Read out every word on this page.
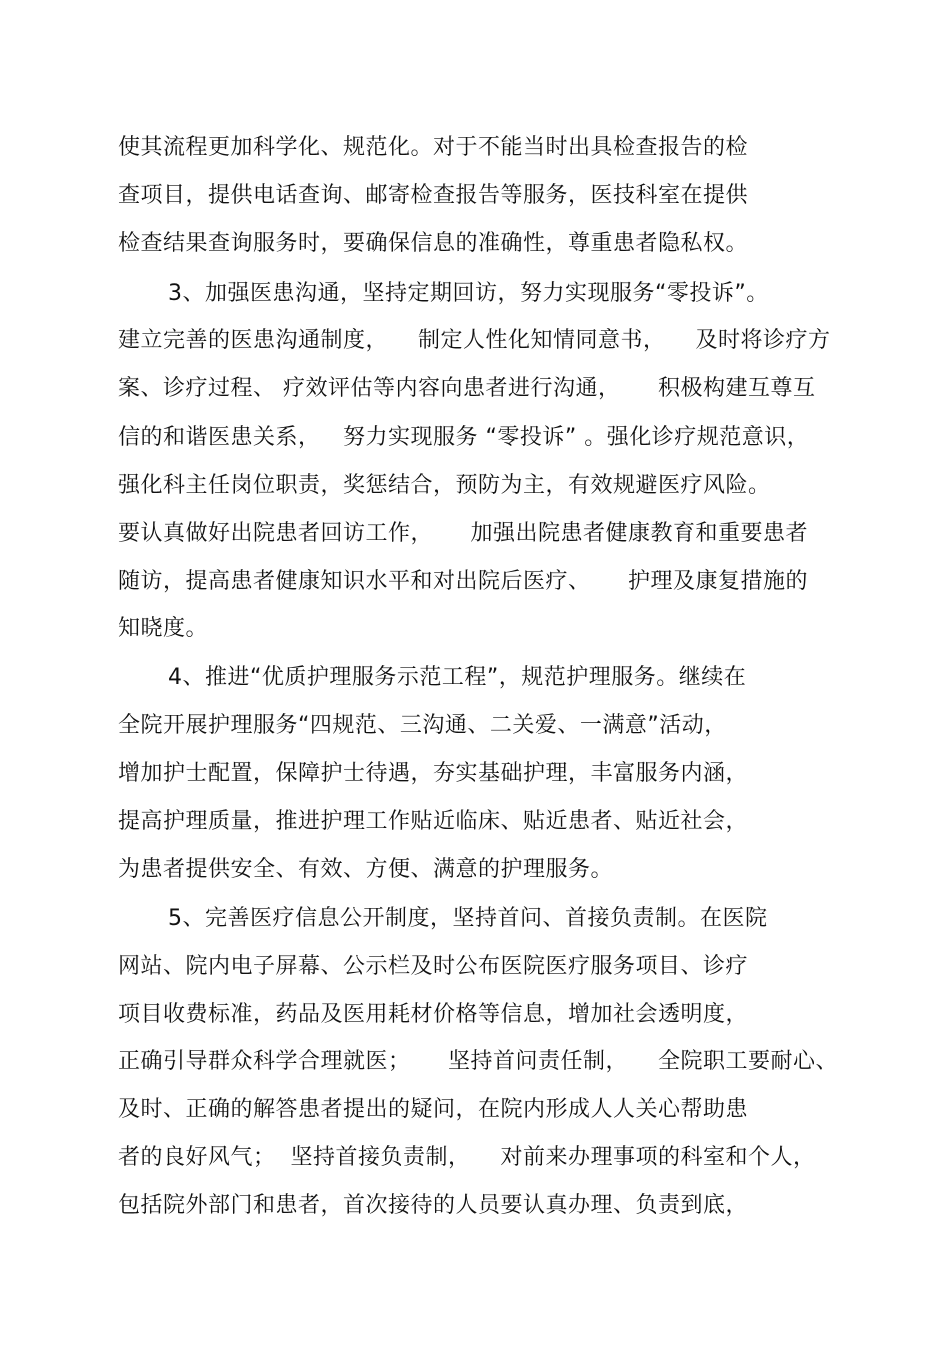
使其流程更加科学化、规范化。对于不能当时出具检查报告的检
查项目，提供电话查询、邮寄检查报告等服务，医技科室在提供
检查结果查询服务时，要确保信息的准确性，尊重患者隐私权。
3、加强医患沟通，坚持定期回访，努力实现服务“零投诉”。
建立完善的医患沟通制度，    制定人性化知情同意书，    及时将诊疗方
案、诊疗过程、 疗效评估等内容向患者进行沟通，     积极构建互尊互
信的和谐医患关系，   努力实现服务 “零投诉” 。强化诊疗规范意识，
强化科主任岗位职责，奖惩结合，预防为主，有效规避医疗风险。
要认真做好出院患者回访工作，     加强出院患者健康教育和重要患者
随访，提高患者健康知识水平和对出院后医疗、     护理及康复措施的
知晓度。
4、推进“优质护理服务示范工程”，规范护理服务。继续在
全院开展护理服务“四规范、三沟通、二关爱、一满意”活动，
增加护士配置，保障护士待遇，夯实基础护理，丰富服务内涵，
提高护理质量，推进护理工作贴近临床、贴近患者、贴近社会，
为患者提供安全、有效、方便、满意的护理服务。
5、完善医疗信息公开制度，坚持首问、首接负责制。在医院
网站、院内电子屏幕、公示栏及时公布医院医疗服务项目、诊疗
项目收费标准，药品及医用耗材价格等信息，增加社会透明度，
正确引导群众科学合理就医；     坚持首问责任制，    全院职工要耐心、
及时、正确的解答患者提出的疑问，在院内形成人人关心帮助患
者的良好风气；  坚持首接负责制，    对前来办理事项的科室和个人，
包括院外部门和患者，首次接待的人员要认真办理、负责到底，
